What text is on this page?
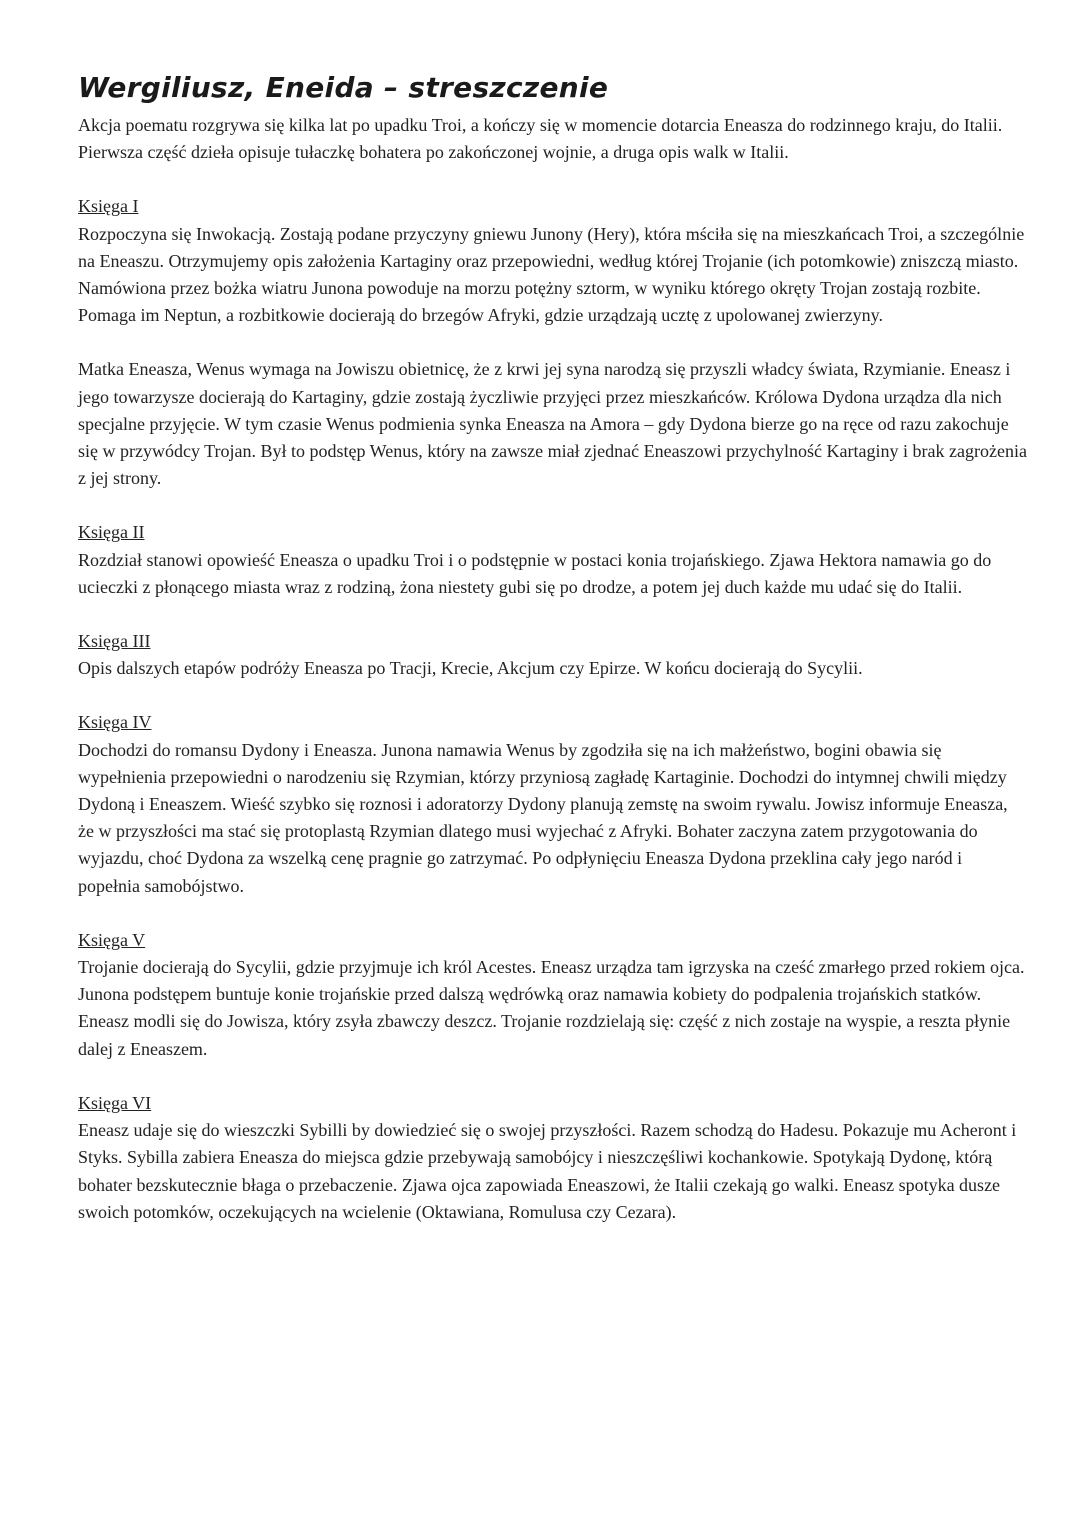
Wergiliusz, Eneida – streszczenie

Akcja poematu rozgrywa się kilka lat po upadku Troi, a kończy się w momencie dotarcia Eneasza do rodzinnego kraju, do Italii. Pierwsza część dzieła opisuje tułaczkę bohatera po zakończonej wojnie, a druga opis walk w Italii.

Księga I

Rozpoczyna się Inwokacją. Zostają podane przyczyny gniewu Junony (Hery), która mściła się na mieszkańcach Troi, a szczególnie na Eneaszu. Otrzymujemy opis założenia Kartaginy oraz przepowiedni, według której Trojanie (ich potomkowie) zniszczą miasto. Namówiona przez bożka wiatru Junona powoduje na morzu potężny sztorm, w wyniku którego okręty Trojan zostają rozbite. Pomaga im Neptun, a rozbitkowie docierają do brzegów Afryki, gdzie urządzają ucztę z upolowanej zwierzyny.

Matka Eneasza, Wenus wymaga na Jowiszu obietnicę, że z krwi jej syna narodzą się przyszli władcy świata, Rzymianie. Eneasz i jego towarzysze docierają do Kartaginy, gdzie zostają życzliwie przyjęci przez mieszkańców. Królowa Dydona urządza dla nich specjalne przyjęcie. W tym czasie Wenus podmienia synka Eneasza na Amora – gdy Dydona bierze go na ręce od razu zakochuje się w przywódcy Trojan. Był to podstęp Wenus, który na zawsze miał zjednać Eneaszowi przychylność Kartaginy i brak zagrożenia z jej strony.

Księga II

Rozdział stanowi opowieść Eneasza o upadku Troi i o podstępnie w postaci konia trojańskiego. Zjawa Hektora namawia go do ucieczki z płonącego miasta wraz z rodziną, żona niestety gubi się po drodze, a potem jej duch każde mu udać się do Italii.

Księga III

Opis dalszych etapów podróży Eneasza po Tracji, Krecie, Akcjum czy Epirze. W końcu docierają do Sycylii.

Księga IV

Dochodzi do romansu Dydony i Eneasza. Junona namawia Wenus by zgodziła się na ich małżeństwo, bogini obawia się wypełnienia przepowiedni o narodzeniu się Rzymian, którzy przyniosą zagładę Kartaginie. Dochodzi do intymnej chwili między Dydoną i Eneaszem. Wieść szybko się roznosi i adoratorzy Dydony planują zemstę na swoim rywalu. Jowisz informuje Eneasza, że w przyszłości ma stać się protoplastą Rzymian dlatego musi wyjechać z Afryki. Bohater zaczyna zatem przygotowania do wyjazdu, choć Dydona za wszelką cenę pragnie go zatrzymać. Po odpłynięciu Eneasza Dydona przeklina cały jego naród i popełnia samobójstwo.

Księga V

Trojanie docierają do Sycylii, gdzie przyjmuje ich król Acestes. Eneasz urządza tam igrzyska na cześć zmarłego przed rokiem ojca. Junona podstępem buntuje konie trojańskie przed dalszą wędrówką oraz namawia kobiety do podpalenia trojańskich statków. Eneasz modli się do Jowisza, który zsyła zbawczy deszcz. Trojanie rozdzielają się: część z nich zostaje na wyspie, a reszta płynie dalej z Eneaszem.

Księga VI

Eneasz udaje się do wieszczki Sybilli by dowiedzieć się o swojej przyszłości. Razem schodzą do Hadesu. Pokazuje mu Acheront i Styks. Sybilla zabiera Eneasza do miejsca gdzie przebywają samobójcy i nieszczęśliwi kochankowie. Spotykają Dydonę, którą bohater bezskutecznie błaga o przebaczenie. Zjawa ojca zapowiada Eneaszowi, że Italii czekają go walki. Eneasz spotyka dusze swoich potomków, oczekujących na wcielenie (Oktawiana, Romulusa czy Cezara).
